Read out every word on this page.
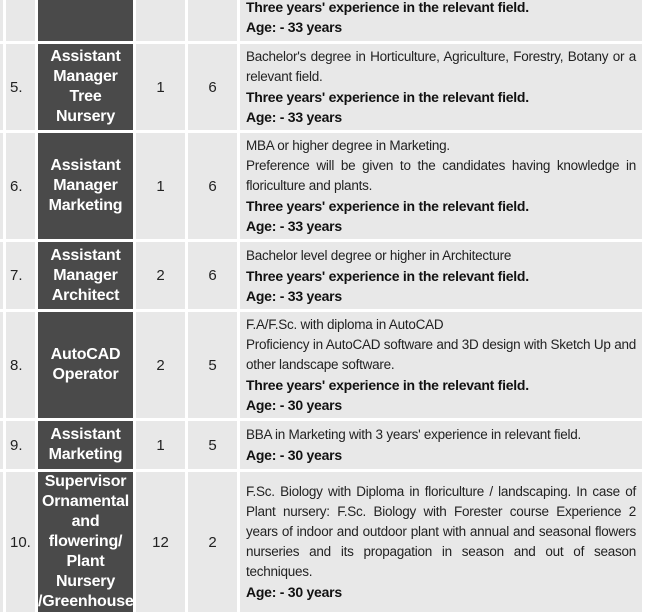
					Three years' experience in the relevant field.
Age: - 33 years

	5.	Assistant Manager Tree Nursery	1	6	Bachelor's degree in Horticulture, Agriculture, Forestry, Botany or a relevant field.
Three years' experience in the relevant field.
Age: - 33 years

	6.	Assistant Manager Marketing	1	6	MBA or higher degree in Marketing.
Preference will be given to the candidates having knowledge in floriculture and plants.
Three years' experience in the relevant field.
Age: - 33 years

	7.	Assistant Manager Architect	2	6	Bachelor level degree or higher in Architecture
Three years' experience in the relevant field.
Age: - 33 years

	8.	AutoCAD Operator	2	5	F.A/F.Sc. with diploma in AutoCAD
Proficiency in AutoCAD software and 3D design with Sketch Up and other landscape software.
Three years' experience in the relevant field.
Age: - 30 years

	9.	Assistant Marketing	1	5	BBA in Marketing with 3 years' experience in relevant field.
Age: - 30 years

	10.	Supervisor Ornamental and flowering/ Plant Nursery /Greenhouse	12	2	F.Sc. Biology with Diploma in floriculture / landscaping. In case of Plant nursery: F.Sc. Biology with Forester course Experience 2 years of indoor and outdoor plant with annual and seasonal flowers nurseries and its propagation in season and out of season techniques.
Age: - 30 years
